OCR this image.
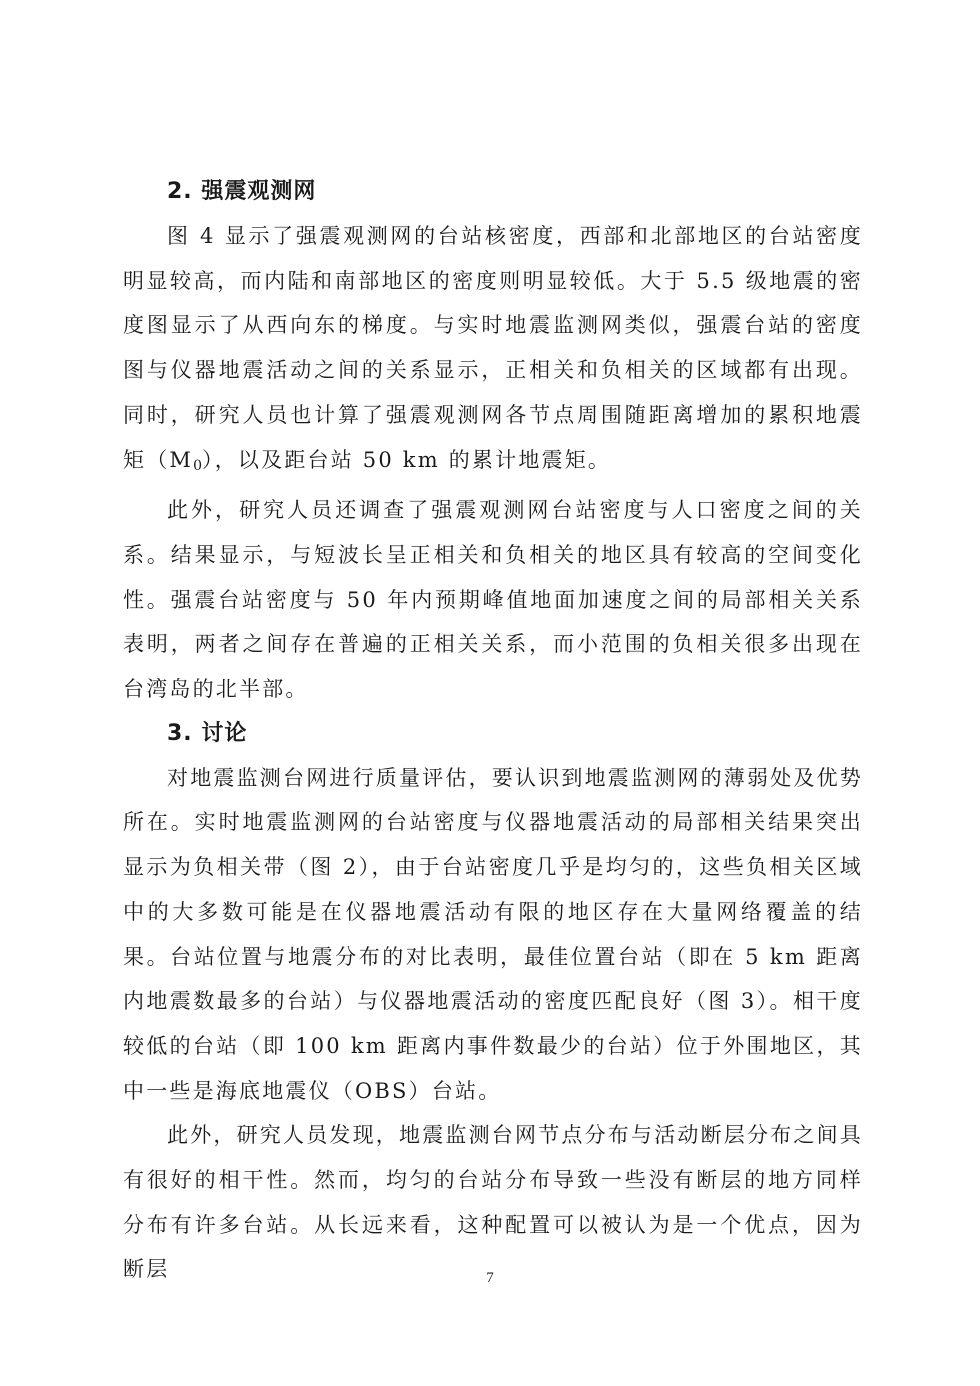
2. 强震观测网

图 4 显示了强震观测网的台站核密度，西部和北部地区的台站密度明显较高，而内陆和南部地区的密度则明显较低。大于 5.5 级地震的密度图显示了从西向东的梯度。与实时地震监测网类似，强震台站的密度图与仪器地震活动之间的关系显示，正相关和负相关的区域都有出现。同时，研究人员也计算了强震观测网各节点周围随距离增加的累积地震矩$(M_0)$，以及距台站 50 km 的累计地震矩。

此外，研究人员还调查了强震观测网台站密度与人口密度之间的关系。结果显示，与短波长呈正相关和负相关的地区具有较高的空间变化性。强震台站密度与 50 年内预期峰值地面加速度之间的局部相关关系表明，两者之间存在普遍的正相关关系，而小范围的负相关很多出现在台湾岛的北半部。

3. 讨论

对地震监测台网进行质量评估，要认识到地震监测网的薄弱处及优势所在。实时地震监测网的台站密度与仪器地震活动的局部相关结果突出显示为负相关带（图 2），由于台站密度几乎是均匀的，这些负相关区域中的大多数可能是在仪器地震活动有限的地区存在大量网络覆盖的结果。台站位置与地震分布的对比表明，最佳位置台站（即在 5 km 距离内地震数最多的台站）与仪器地震活动的密度匹配良好（图 3）。相干度较低的台站（即 100 km 距离内事件数最少的台站）位于外围地区，其中一些是海底地震仪（OBS）台站。

此外，研究人员发现，地震监测台网节点分布与活动断层分布之间具有很好的相干性。然而，均匀的台站分布导致一些没有断层的地方同样分布有许多台站。从长远来看，这种配置可以被认为是一个优点，因为断层	7
